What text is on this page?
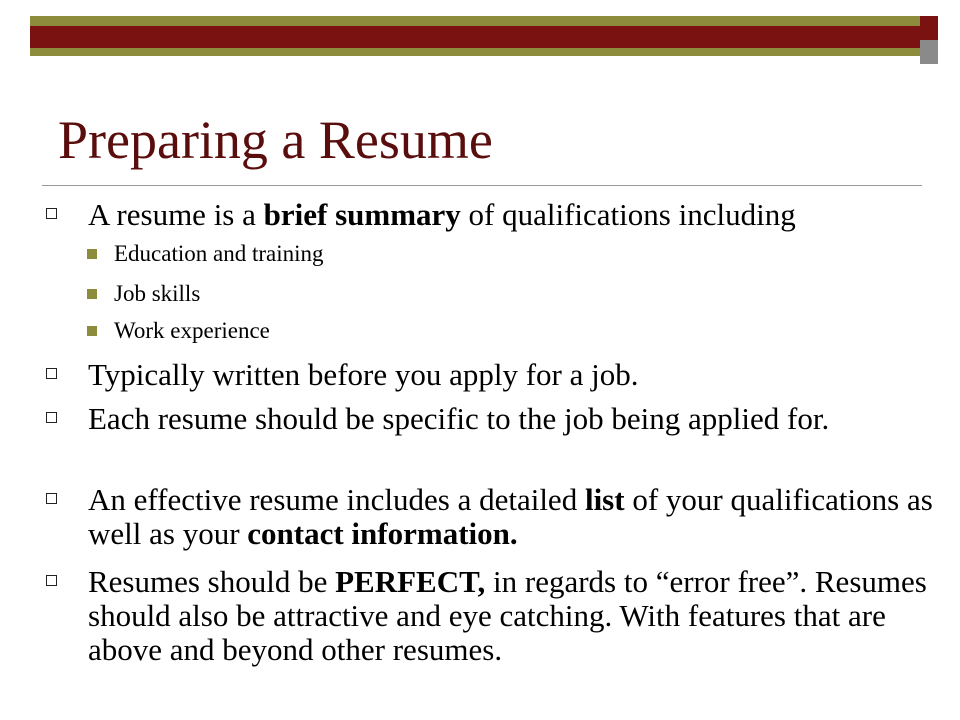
Preparing a Resume
A resume is a brief summary of qualifications including
Education and training
Job skills
Work experience
Typically written before you apply for a job.
Each resume should be specific to the job being applied for.
An effective resume includes a detailed list of your qualifications as well as your contact information.
Resumes should be PERFECT, in regards to “error free”. Resumes should also be attractive and eye catching. With features that are above and beyond other resumes.
